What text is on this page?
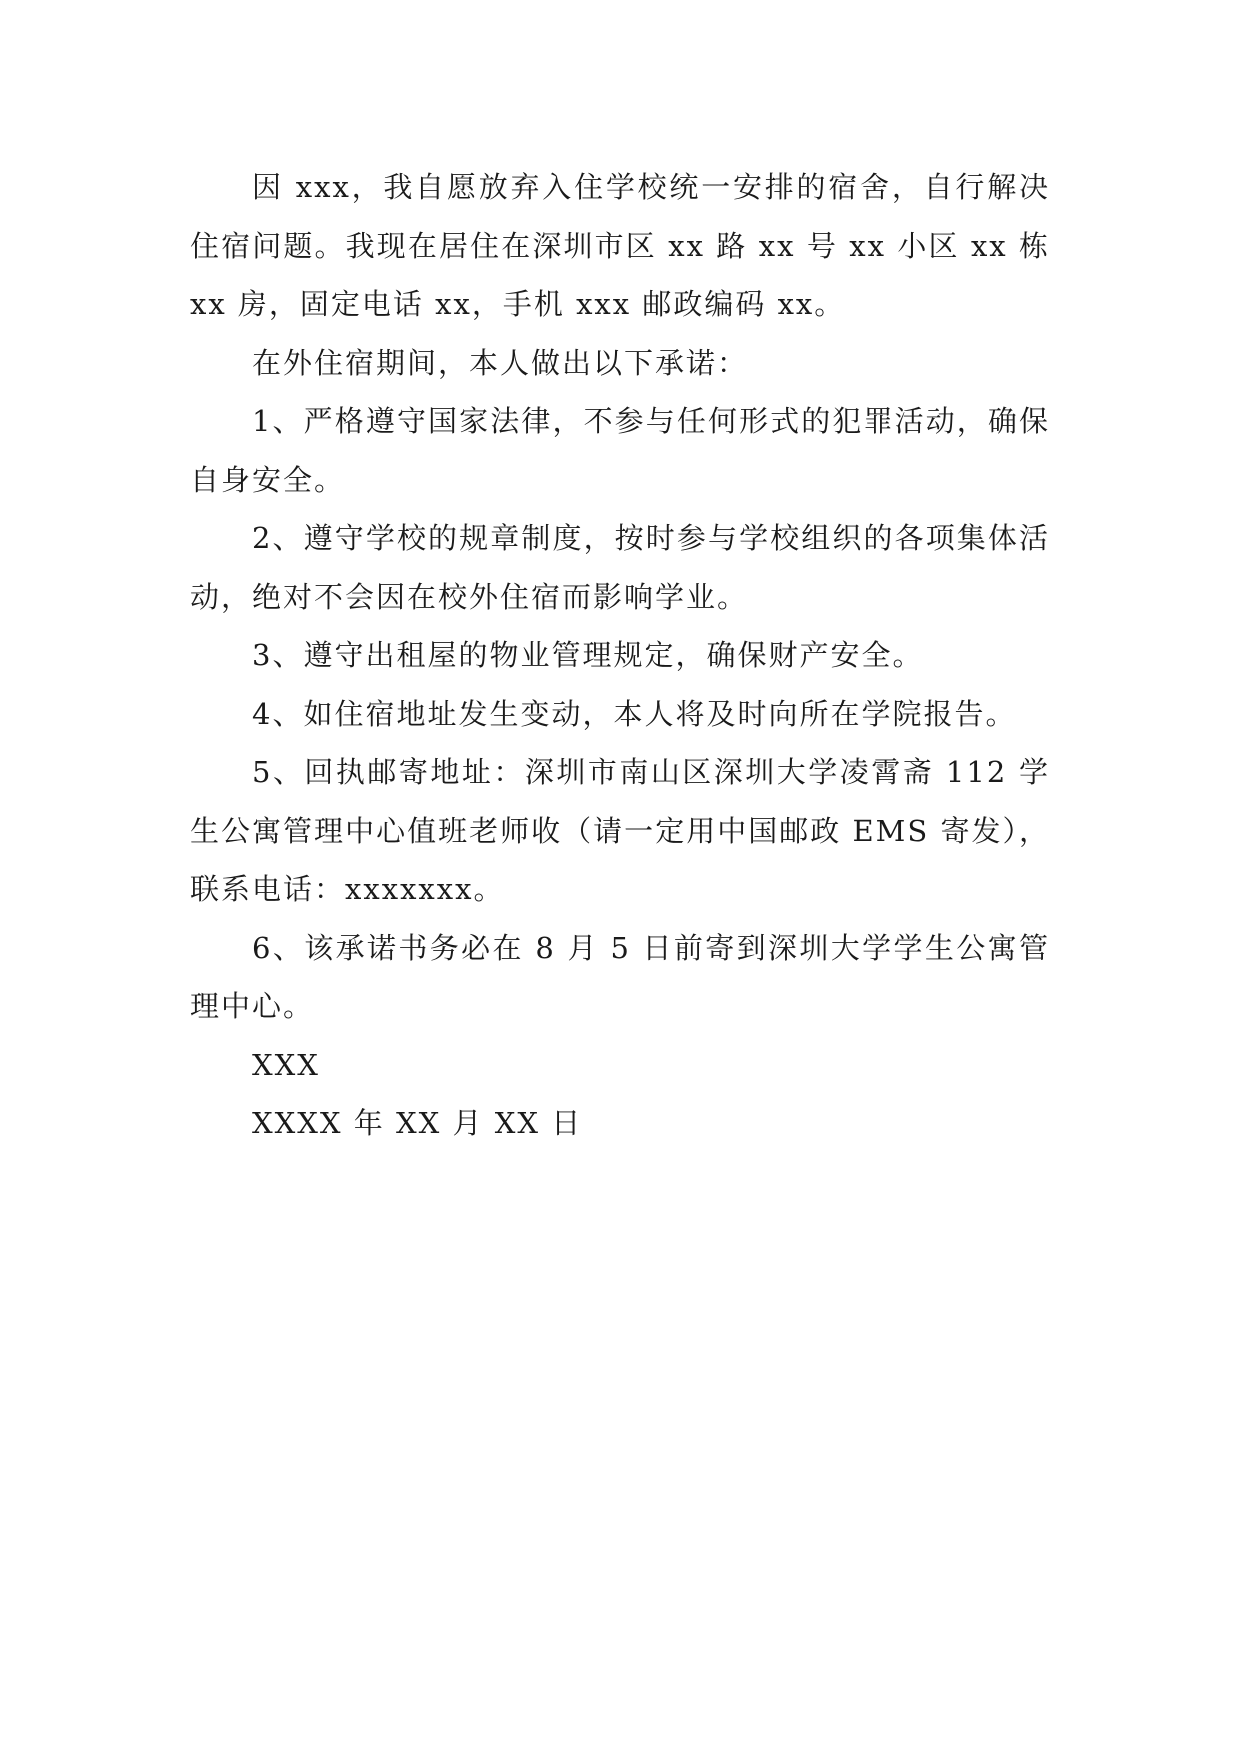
因 xxx，我自愿放弃入住学校统一安排的宿舍，自行解决住宿问题。我现在居住在深圳市区 xx 路 xx 号 xx 小区 xx 栋 xx 房，固定电话 xx，手机 xxx 邮政编码 xx。

在外住宿期间，本人做出以下承诺：

1、严格遵守国家法律，不参与任何形式的犯罪活动，确保自身安全。

2、遵守学校的规章制度，按时参与学校组织的各项集体活动，绝对不会因在校外住宿而影响学业。

3、遵守出租屋的物业管理规定，确保财产安全。

4、如住宿地址发生变动，本人将及时向所在学院报告。

5、回执邮寄地址：深圳市南山区深圳大学凌霄斋 112 学生公寓管理中心值班老师收（请一定用中国邮政 EMS 寄发），联系电话：xxxxxxx。

6、该承诺书务必在 8 月 5 日前寄到深圳大学学生公寓管理中心。

XXX

XXXX 年 XX 月 XX 日
